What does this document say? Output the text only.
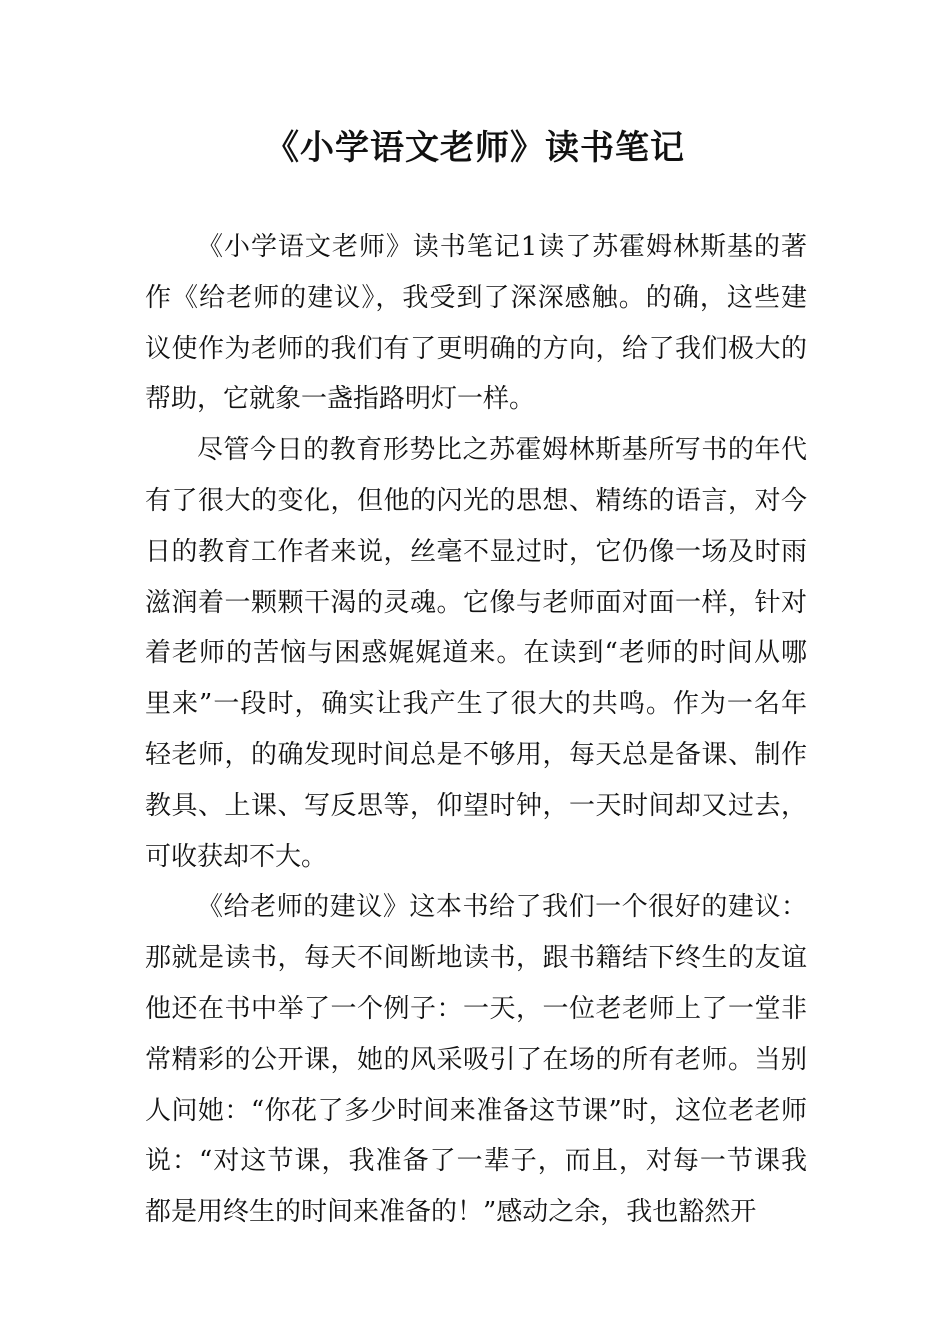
《小学语文老师》读书笔记

《小学语文老师》读书笔记1读了苏霍姆林斯基的著作《给老师的建议》，我受到了深深感触。的确，这些建议使作为老师的我们有了更明确的方向，给了我们极大的帮助，它就象一盏指路明灯一样。

尽管今日的教育形势比之苏霍姆林斯基所写书的年代有了很大的变化，但他的闪光的思想、精练的语言，对今日的教育工作者来说，丝毫不显过时，它仍像一场及时雨滋润着一颗颗干渴的灵魂。它像与老师面对面一样，针对着老师的苦恼与困惑娓娓道来。在读到“老师的时间从哪里来”一段时，确实让我产生了很大的共鸣。作为一名年轻老师，的确发现时间总是不够用，每天总是备课、制作教具、上课、写反思等，仰望时钟，一天时间却又过去，可收获却不大。

《给老师的建议》这本书给了我们一个很好的建议：那就是读书，每天不间断地读书，跟书籍结下终生的友谊他还在书中举了一个例子：一天，一位老老师上了一堂非常精彩的公开课，她的风采吸引了在场的所有老师。当别人问她：“你花了多少时间来准备这节课”时，这位老老师说：“对这节课，我准备了一辈子，而且，对每一节课我都是用终生的时间来准备的！”感动之余，我也豁然开
